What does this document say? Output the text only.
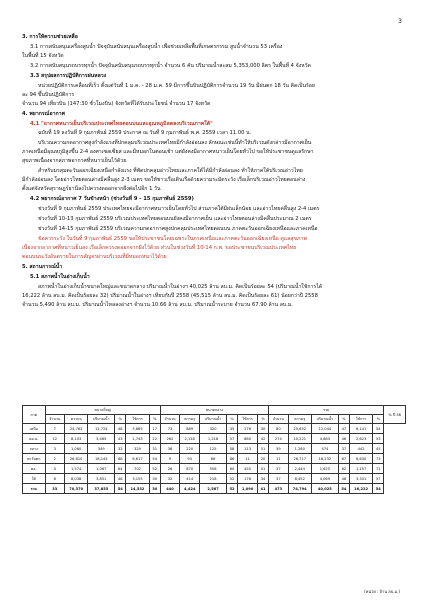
3
3. การให้ความช่วยเหลือ
3.1 การสนับสนุนเครื่องสูบน้ำ ปัจจุบันสนับสนุนเครื่องสูบน้ำ เพื่อช่วยเหลือพื้นที่เกษตรกรรม สูบน้ำจำนวน 53 เครื่อง
ในพื้นที่ 15 จังหวัด
3.2 การสนับสนุนรถบรรทุกน้ำ ปัจจุบันสนับสนุนรถบรรทุกน้ำ จำนวน 6 คัน ปริมาณน้ำสะสม 5,353,000 ลิตร ในพื้นที่ 4 จังหวัด
3.3 สรุปผลการปฏิบัติการฝนหลวง
หน่วยปฏิบัติการเคลื่อนที่เร็ว ตั้งแต่วันที่ 1 ม.ค. - 28 ม.ค. 59 มีการขึ้นบินปฏิบัติการจำนวน 19 วัน มีฝนตก 18 วัน คิดเป็นร้อย
ละ 94 ขึ้นบินปฏิบัติการ
จำนวน 94 เที่ยวบิน (147:30 ชั่วโมงบิน) จังหวัดที่ได้รับประโยชน์ จำนวน 17 จังหวัด
4. พยากรณ์อากาศ
4.1 "อากาศหนาวเย็นบริเวณประเทศไทยตอนบนและอุณหภูมิลดลงบริเวณภาคใต้"
ฉบับที่ 19 ลงวันที่ 9 กุมภาพันธ์ 2559 ประกาศ ณ วันที่ 9 กุมภาพันธ์ พ.ศ. 2559 เวลา 11.00 น.
บริเวณความกดอากาศสูงกำลังแรงที่ปกคลุมบริเวณประเทศไทยมีกำลังอ่อนลง ลักษณะเช่นนี้ทำให้บริเวณดังกล่าวมีอากาศเย็น
ภาคเหนือมีอุณหภูมิสูงขึ้น 2-4 องศาเซลเซียส และมีหมอกในตอนเช้า แต่ยังคงมีอากาศหนาวเย็นโดยทั่วไป ขอให้ประชาชนดูแลรักษา
สุขภาพเนื่องจากสภาพอากาศที่หนาวเย็นไว้ด้วย
สำหรับมรสุมตะวันออกเฉียงเหนือกำลังแรง ที่พัดปกคลุมอ่าวไทยและภาคใต้ได้มีกำลังอ่อนลง ทำให้ภาคใต้บริเวณอ่าวไทย
มีกำลังอ่อนลง โดยอ่าวไทยตอนล่างมีคลื่นสูง 2-3 เมตร ขอให้ชาวเรือเดินเรือด้วยความระมัดระวัง เรือเล็กบริเวณอ่าวไทยตอนล่าง
ตั้งแต่จังหวัดสุราษฎร์ธานีลงไปควรงดออกจากฝั่งต่อไปอีก 1 วัน
4.2 พยากรณ์อากาศ 7 วันข้างหน้า (ช่วงวันที่ 9 - 15 กุมภาพันธ์ 2559)
ช่วงวันที่ 9 กุมภาพันธ์ 2559 ประเทศไทยจะมีอากาศหนาวเย็นโดยทั่วไป ส่วนภาคใต้มีฝนเล็กน้อย และอ่าวไทยคลื่นสูง 2-4 เมตร
ช่วงวันที่ 10-13 กุมภาพันธ์ 2559 บริเวณประเทศไทยตอนบนยังคงมีอากาศเย็น และอ่าวไทยตอนล่างมีคลื่นประมาณ 2 เมตร
ช่วงวันที่ 14-15 กุมภาพันธ์ 2559 บริเวณความกดอากาศสูงปกคลุมประเทศไทยตอนบน ภาคตะวันออกเฉียงเหนือและภาคเหนือ
ข้อควรระวัง ในวันที่ 9 กุมภาพันธ์ 2559 ขอให้ประชาชนโดยเฉพาะในภาคเหนือและภาคตะวันออกเฉียงเหนือ ดูแลสุขภาพ
เนื่องจากอากาศที่หนาวเย็นลง เรือเล็กควรงดออกจากฝั่งไว้ด้วย ส่วนในช่วงวันที่ 10-14 ก.พ. ขอประชาชนบริเวณประเทศไทย
ตอนบนระวังอันตรายในการสัญจรผ่านบริเวณที่มีหมอกหนาไว้ด้วย
5. สถานการณ์น้ำ
5.1 สภาพน้ำในอ่างเก็บน้ำ
สภาพน้ำในอ่างเก็บน้ำขนาดใหญ่และขนาดกลาง ปริมาณน้ำในอ่างฯ 40,025 ล้าน ลบ.ม. คิดเป็นร้อยละ 54 (ปริมาณน้ำใช้การได้
16,222 ล้าน ลบ.ม. คิดเป็นร้อยละ 32) ปริมาณน้ำในอ่างฯ เทียบกับปี 2558 (45,515 ล้าน ลบ.ม. คิดเป็นร้อยละ 61) น้อยกว่าปี 2558
จำนวน 5,490 ล้าน ลบ.ม. ปริมาณน้ำไหลลงอ่างฯ จำนวน 10.66 ล้าน ลบ.ม. ปริมาณน้ำระบาย จำนวน 67.90 ล้าน ลบ.ม.
ภาค	ขนาดใหญ่						ขนาดกลาง						รวม						% ปี 58
	จำนวน	ความจุ	ปริมาณน้ำ	%	ใช้การ	%	จำนวน	ความจุ	ปริมาณน้ำ	%	ใช้การ	%	จำนวน	ความจุ	ปริมาณน้ำ	%	ใช้การ	%	
เหนือ	7	24,763	11,724	48	5,865	17	73	889	320	35	276	30	80	25,652	12,044	47	6,141	54	
ตอ.น.	12	8,103	3,465	43	1,743	22	262	2,118	1,218	57	880	42	274	10,221	4,683	46	2,623	53	
กลาง	3	1,060	349	33	329	31	36	220	125	58	113	51	39	1,280	474	37	442	45	
ตะวันตก	2	26,810	18,145	68	6,617	54	9	93	86	86	11	20	11	26,717	18,232	67	6,630	73	
ตอ.	3	1,574	1,067	64	702	52	26	870	558	60	455	51	37	2,444	1,625	62	1,157	71	
ใต้	8	8,038	3,851	48	3,155	30	32	414	218	52	176	34	37	8,452	4,069	48	3,331	57	
รวม	33	70,370	37,855	54	14,532	30	440	4,424	2,567	52	1,090	41	473	74,794	40,025	54	16,222	54	
(หน่วย : ล้าน ลบ.ม.)
